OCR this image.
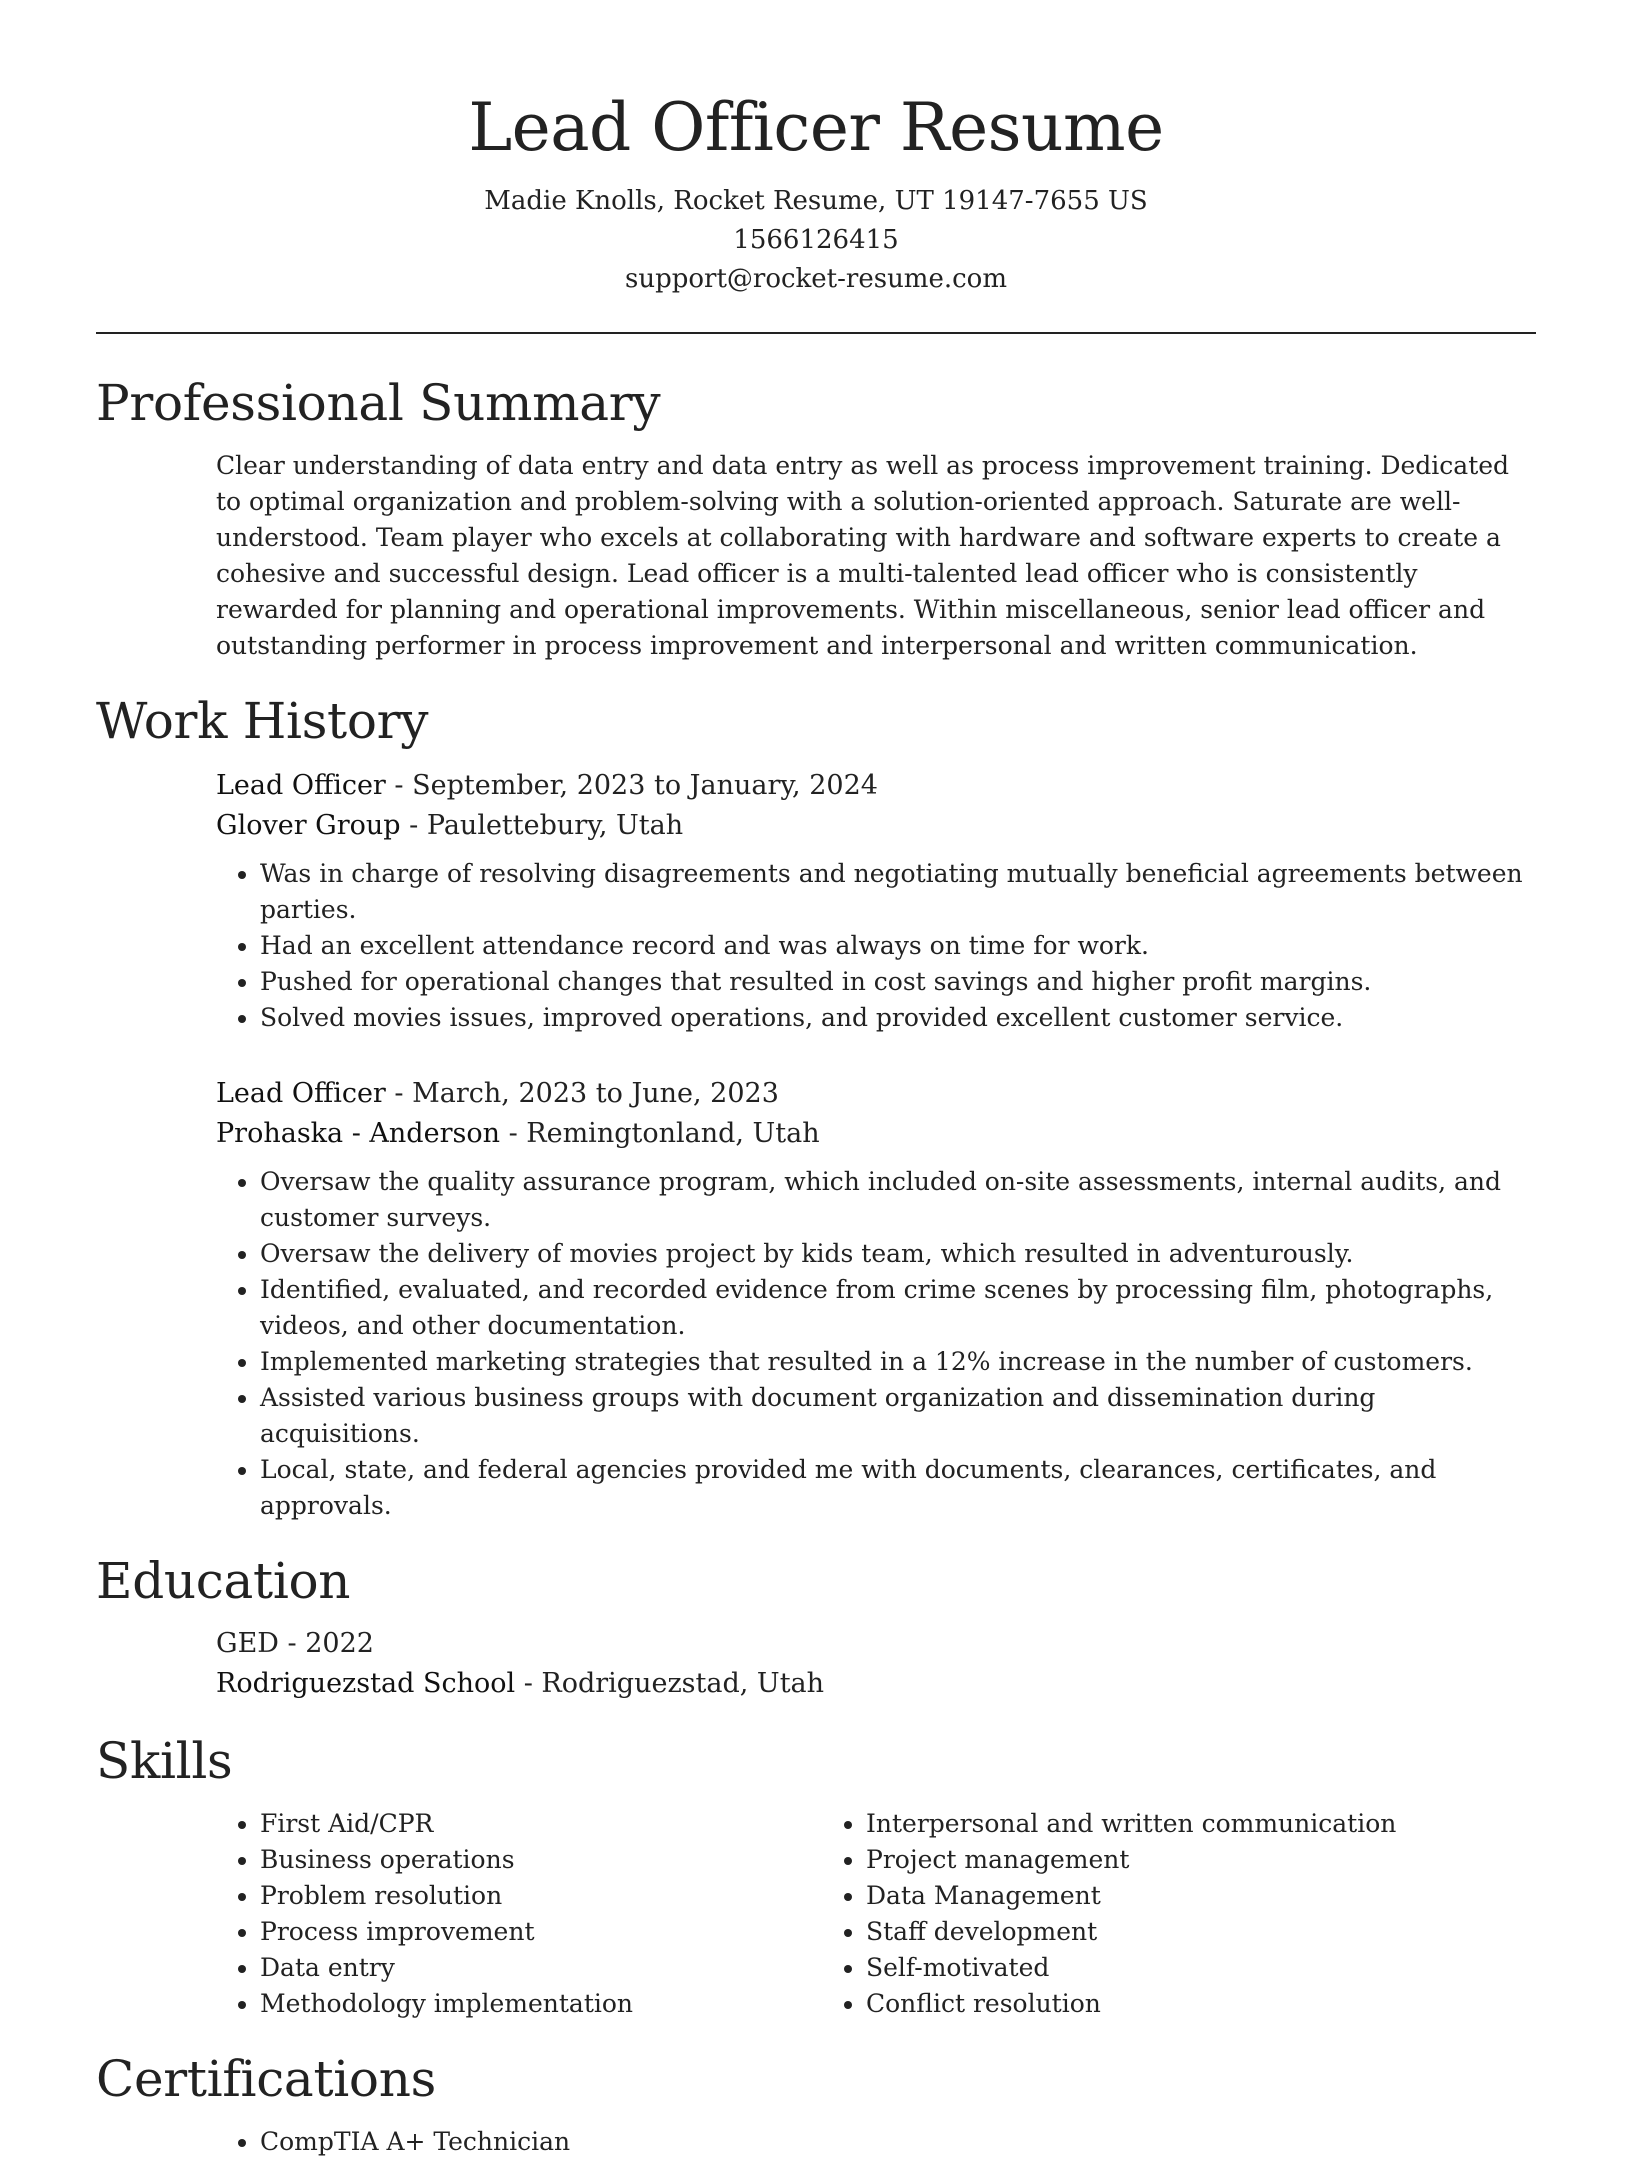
Lead Officer Resume
Madie Knolls, Rocket Resume, UT 19147-7655 US
1566126415
support@rocket-resume.com
Professional Summary
Clear understanding of data entry and data entry as well as process improvement training. Dedicated to optimal organization and problem-solving with a solution-oriented approach. Saturate are well-understood. Team player who excels at collaborating with hardware and software experts to create a cohesive and successful design. Lead officer is a multi-talented lead officer who is consistently rewarded for planning and operational improvements. Within miscellaneous, senior lead officer and outstanding performer in process improvement and interpersonal and written communication.
Work History
Lead Officer - September, 2023 to January, 2024
Glover Group - Paulettebury, Utah
• Was in charge of resolving disagreements and negotiating mutually beneficial agreements between parties.
• Had an excellent attendance record and was always on time for work.
• Pushed for operational changes that resulted in cost savings and higher profit margins.
• Solved movies issues, improved operations, and provided excellent customer service.
Lead Officer - March, 2023 to June, 2023
Prohaska - Anderson - Remingtonland, Utah
• Oversaw the quality assurance program, which included on-site assessments, internal audits, and customer surveys.
• Oversaw the delivery of movies project by kids team, which resulted in adventurously.
• Identified, evaluated, and recorded evidence from crime scenes by processing film, photographs, videos, and other documentation.
• Implemented marketing strategies that resulted in a 12% increase in the number of customers.
• Assisted various business groups with document organization and dissemination during acquisitions.
• Local, state, and federal agencies provided me with documents, clearances, certificates, and approvals.
Education
GED - 2022
Rodriguezstad School - Rodriguezstad, Utah
Skills
• First Aid/CPR
• Business operations
• Problem resolution
• Process improvement
• Data entry
• Methodology implementation
• Interpersonal and written communication
• Project management
• Data Management
• Staff development
• Self-motivated
• Conflict resolution
Certifications
• CompTIA A+ Technician
